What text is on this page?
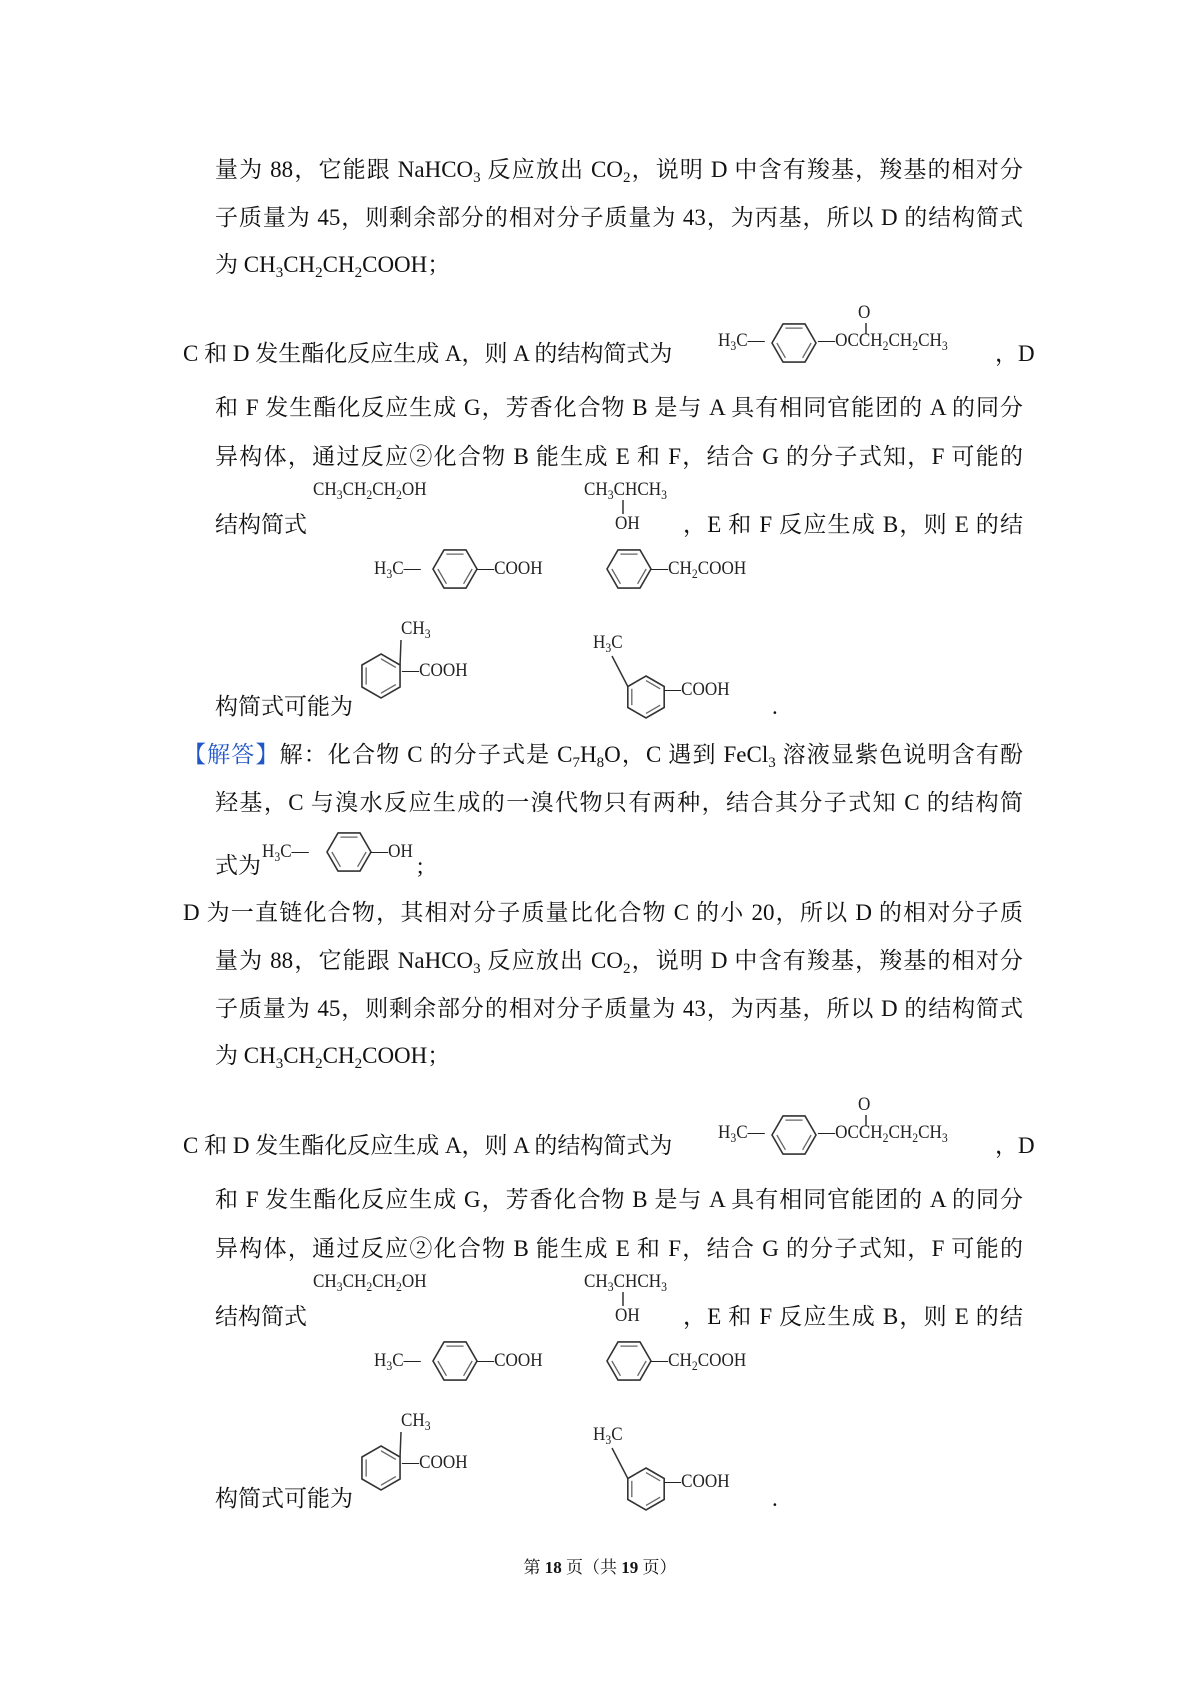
第 18 页（共 19 页）
量为 88，它能跟 NaHCO$_3$ 反应放出 $CO_2$，说明 D 中含有羧基，羧基的相对分
子质量为 45，则剩余部分的相对分子质量为 43，为丙基，所以 D 的结构简式
为 $CH_3CH_2CH_2COOH$；
C 和 D 发生酯化反应生成 A，则 A 的结构简式为	，D
$H_3C—$	$—OCCH_2CH_2CH_3$
O
和 F 发生酯化反应生成 G，芳香化合物 B 是与 A 具有相同官能团的 A 的同分
异构体，通过反应②化合物 B 能生成 E 和 F，结合 G 的分子式知，F 可能的
$CH_3CH_2CH_2OH$	$CH_3CHCH_3$
OH
结构简式	，E 和 F 反应生成 B，则 E 的结
$H_3C—$	—COOH	$—CH_2COOH$
$CH_3$
—COOH
$H_3C$
—COOH
构简式可能为	.
【解答】解：化合物 C 的分子式是 $C_7H_8O$，C 遇到 FeCl$_3$ 溶液显紫色说明含有酚
羟基，C 与溴水反应生成的一溴代物只有两种，结合其分子式知 C 的结构简
式为
$H_3C—$	—OH
;
D 为一直链化合物，其相对分子质量比化合物 C 的小 20，所以 D 的相对分子质
量为 88，它能跟 NaHCO$_3$ 反应放出 $CO_2$，说明 D 中含有羧基，羧基的相对分
子质量为 45，则剩余部分的相对分子质量为 43，为丙基，所以 D 的结构简式
为 $CH_3CH_2CH_2COOH$；
C 和 D 发生酯化反应生成 A，则 A 的结构简式为	，D
$H_3C—$	$—OCCH_2CH_2CH_3$
O
和 F 发生酯化反应生成 G，芳香化合物 B 是与 A 具有相同官能团的 A 的同分
异构体，通过反应②化合物 B 能生成 E 和 F，结合 G 的分子式知，F 可能的
$CH_3CH_2CH_2OH$	$CH_3CHCH_3$
OH
结构简式	，E 和 F 反应生成 B，则 E 的结
$H_3C—$	—COOH	$—CH_2COOH$
$CH_3$
—COOH
$H_3C$
—COOH
构简式可能为	.
